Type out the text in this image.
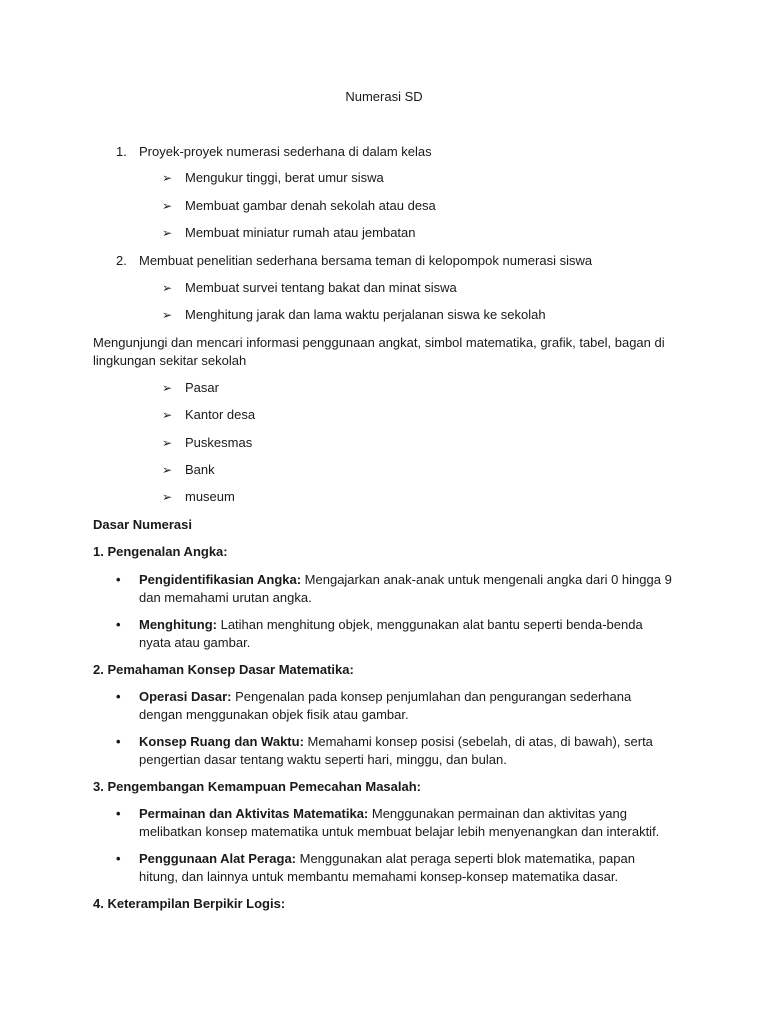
Numerasi SD
1. Proyek-proyek numerasi sederhana di dalam kelas
➢ Mengukur tinggi, berat umur siswa
➢ Membuat gambar denah sekolah atau desa
➢ Membuat miniatur rumah atau jembatan
2. Membuat penelitian sederhana bersama teman di kelopompok numerasi siswa
➢ Membuat survei tentang bakat dan minat siswa
➢ Menghitung jarak dan lama waktu perjalanan siswa ke sekolah
Mengunjungi dan mencari informasi penggunaan angkat, simbol matematika, grafik, tabel, bagan di lingkungan sekitar sekolah
➢ Pasar
➢ Kantor desa
➢ Puskesmas
➢ Bank
➢ museum
Dasar Numerasi
1. Pengenalan Angka:
• Pengidentifikasian Angka: Mengajarkan anak-anak untuk mengenali angka dari 0 hingga 9 dan memahami urutan angka.
• Menghitung: Latihan menghitung objek, menggunakan alat bantu seperti benda-benda nyata atau gambar.
2. Pemahaman Konsep Dasar Matematika:
• Operasi Dasar: Pengenalan pada konsep penjumlahan dan pengurangan sederhana dengan menggunakan objek fisik atau gambar.
• Konsep Ruang dan Waktu: Memahami konsep posisi (sebelah, di atas, di bawah), serta pengertian dasar tentang waktu seperti hari, minggu, dan bulan.
3. Pengembangan Kemampuan Pemecahan Masalah:
• Permainan dan Aktivitas Matematika: Menggunakan permainan dan aktivitas yang melibatkan konsep matematika untuk membuat belajar lebih menyenangkan dan interaktif.
• Penggunaan Alat Peraga: Menggunakan alat peraga seperti blok matematika, papan hitung, dan lainnya untuk membantu memahami konsep-konsep matematika dasar.
4. Keterampilan Berpikir Logis:
